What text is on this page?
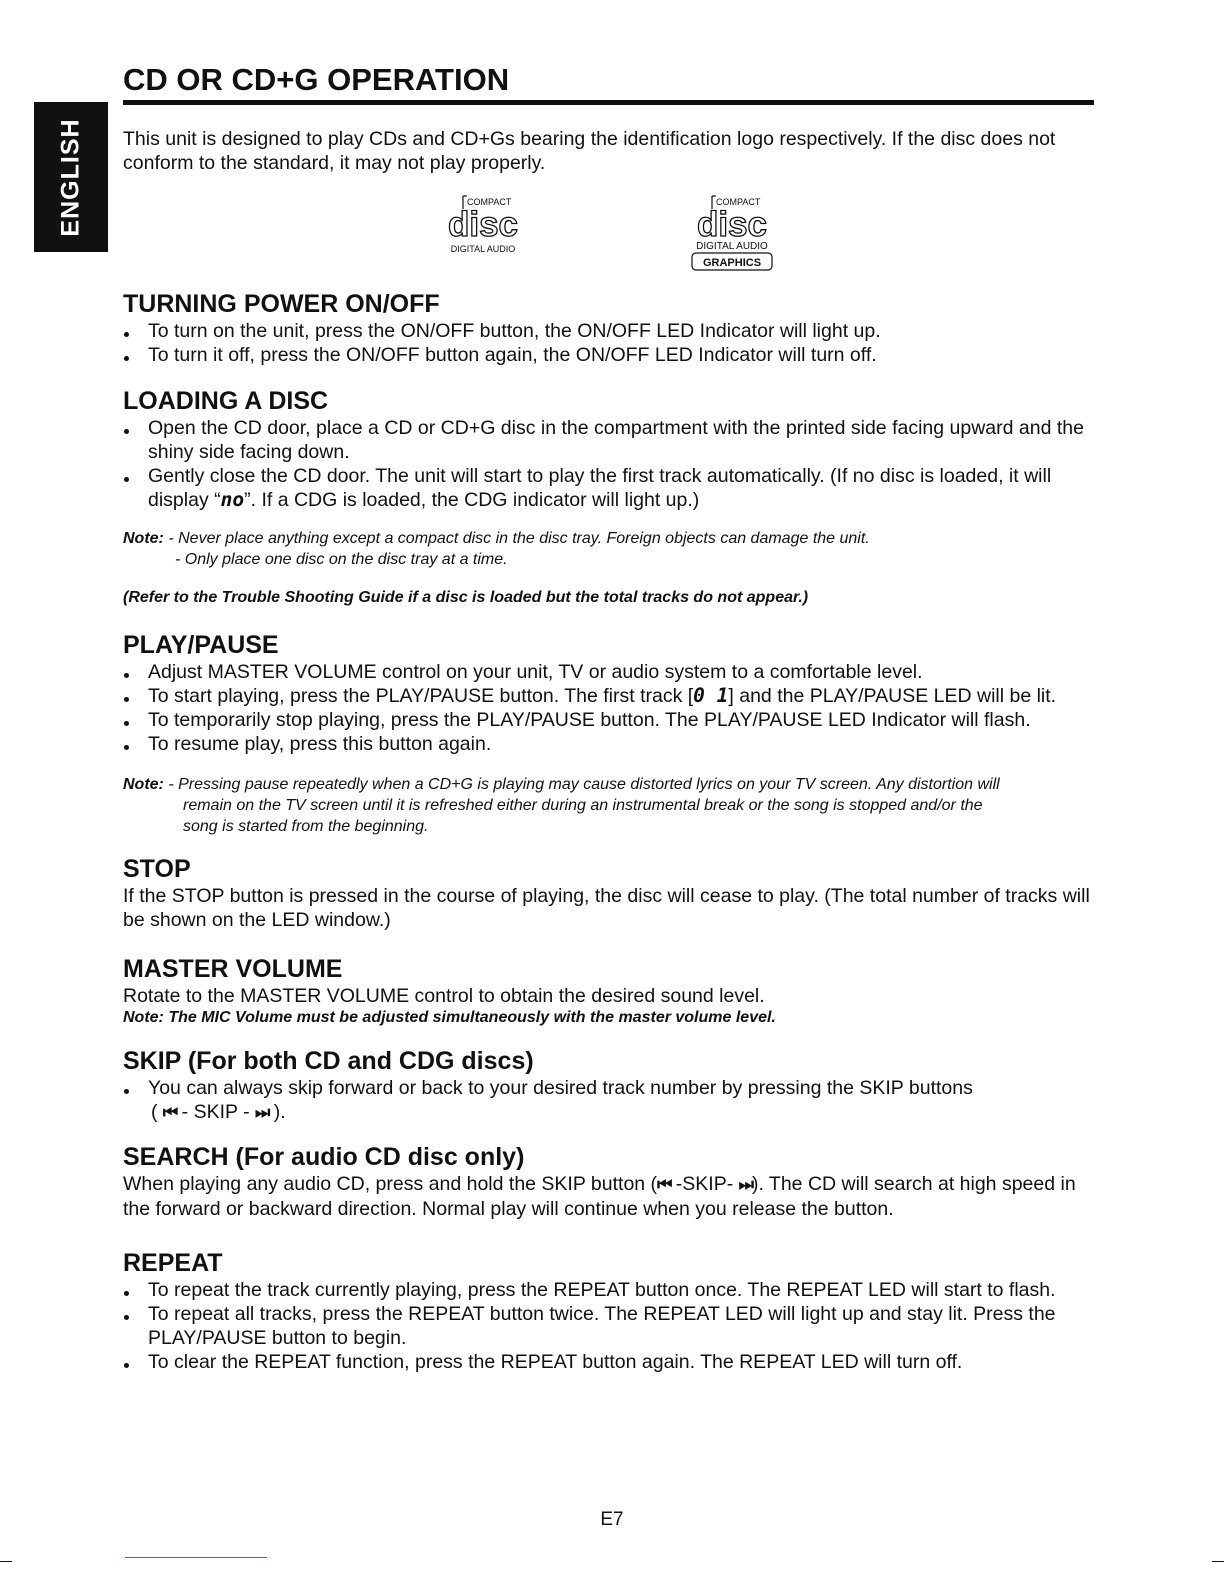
ENGLISH
CD OR CD+G OPERATION

This unit is designed to play CDs and CD+Gs bearing the identification logo respectively. If the disc does not conform to the standard, it may not play properly.

COMPACT
disc
DIGITAL AUDIO
COMPACT
disc
DIGITAL AUDIO
GRAPHICS
TURNING POWER ON/OFF
To turn on the unit, press the ON/OFF button, the ON/OFF LED Indicator will light up.
To turn it off, press the ON/OFF button again, the ON/OFF LED Indicator will turn off.
LOADING A DISC
Open the CD door, place a CD or CD+G disc in the compartment with the printed side facing upward and the shiny side facing down.
Gently close the CD door. The unit will start to play the first track automatically. (If no disc is loaded, it will display “no”. If a CDG is loaded, the CDG indicator will light up.)

Note: - Never place anything except a compact disc in the disc tray. Foreign objects can damage the unit.

- Only place one disc on the disc tray at a time.

(Refer to the Trouble Shooting Guide if a disc is loaded but the total tracks do not appear.)

PLAY/PAUSE
Adjust MASTER VOLUME control on your unit, TV or audio system to a comfortable level.
To start playing, press the PLAY/PAUSE button. The first track [0 1] and the PLAY/PAUSE LED will be lit.
To temporarily stop playing, press the PLAY/PAUSE button. The PLAY/PAUSE LED Indicator will flash.
To resume play, press this button again.

Note: - Pressing pause repeatedly when a CD+G is playing may cause distorted lyrics on your TV screen. Any distortion will

remain on the TV screen until it is refreshed either during an instrumental break or the song is stopped and/or the

song is started from the beginning.

STOP

If the STOP button is pressed in the course of playing, the disc will cease to play. (The total number of tracks will be shown on the LED window.)

MASTER VOLUME

Rotate to the MASTER VOLUME control to obtain the desired sound level.

Note: The MIC Volume must be adjusted simultaneously with the master volume level.

SKIP (For both CD and CDG discs)
You can always skip forward or back to your desired track number by pressing the SKIP buttons
( ⏮ - SKIP - ⏭ ).
SEARCH (For audio CD disc only)

When playing any audio CD, press and hold the SKIP button (⏮ -SKIP- ⏭). The CD will search at high speed in the forward or backward direction. Normal play will continue when you release the button.

REPEAT
To repeat the track currently playing, press the REPEAT button once. The REPEAT LED will start to flash.
To repeat all tracks, press the REPEAT button twice. The REPEAT LED will light up and stay lit. Press the PLAY/PAUSE button to begin.
To clear the REPEAT function, press the REPEAT button again. The REPEAT LED will turn off.
E7
